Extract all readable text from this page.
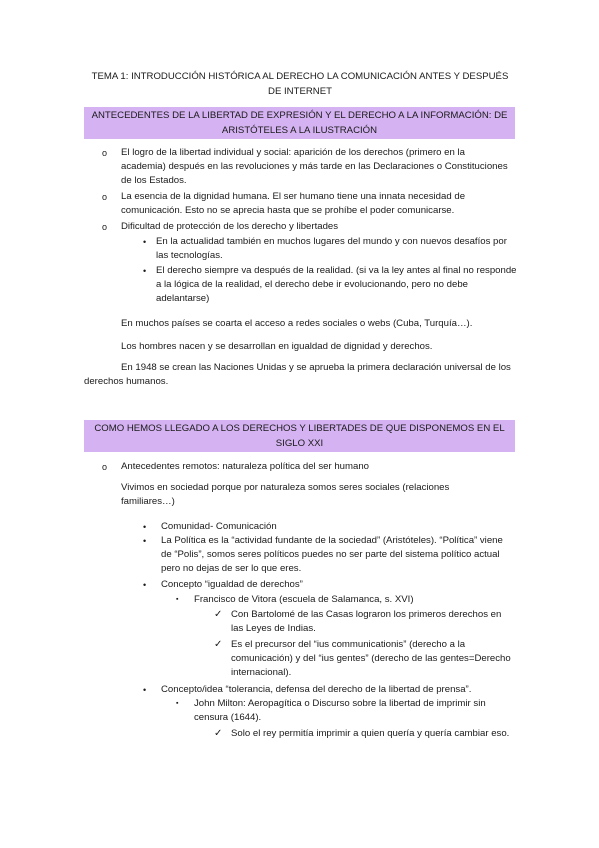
TEMA 1: INTRODUCCIÓN HISTÓRICA AL DERECHO LA COMUNICACIÓN ANTES Y DESPUÉS DE INTERNET
ANTECEDENTES DE LA LIBERTAD DE EXPRESIÓN Y EL DERECHO A LA INFORMACIÓN: DE ARISTÓTELES A LA ILUSTRACIÓN
o El logro de la libertad individual y social: aparición de los derechos (primero en la academia) después en las revoluciones y más tarde en las Declaraciones o Constituciones de los Estados.
o La esencia de la dignidad humana. El ser humano tiene una innata necesidad de comunicación. Esto no se aprecia hasta que se prohíbe el poder comunicarse.
o Dificultad de protección de los derecho y libertades
• En la actualidad también en muchos lugares del mundo y con nuevos desafíos por las tecnologías.
• El derecho siempre va después de la realidad. (si va la ley antes al final no responde a la lógica de la realidad, el derecho debe ir evolucionando, pero no debe adelantarse)
En muchos países se coarta el acceso a redes sociales o webs (Cuba, Turquía…).
Los hombres nacen y se desarrollan en igualdad de dignidad y derechos.
En 1948 se crean las Naciones Unidas y se aprueba la primera declaración universal de los derechos humanos.
COMO HEMOS LLEGADO A LOS DERECHOS Y LIBERTADES DE QUE DISPONEMOS EN EL SIGLO XXI
o Antecedentes remotos: naturaleza política del ser humano
Vivimos en sociedad porque por naturaleza somos seres sociales (relaciones familiares…)
• Comunidad- Comunicación
• La Política es la “actividad fundante de la sociedad” (Aristóteles). “Política” viene de “Polis”, somos seres políticos puedes no ser parte del sistema político actual pero no dejas de ser lo que eres.
• Concepto “igualdad de derechos”
▪ Francisco de Vitora (escuela de Salamanca, s. XVI)
✓ Con Bartolomé de las Casas lograron los primeros derechos en las Leyes de Indias.
✓ Es el precursor del “ius communicationis” (derecho a la comunicación) y del “ius gentes” (derecho de las gentes=Derecho internacional).
• Concepto/idea “tolerancia, defensa del derecho de la libertad de prensa”.
▪ John Milton: Aeropagítica o Discurso sobre la libertad de imprimir sin censura (1644).
✓ Solo el rey permitía imprimir a quien quería y quería cambiar eso.
